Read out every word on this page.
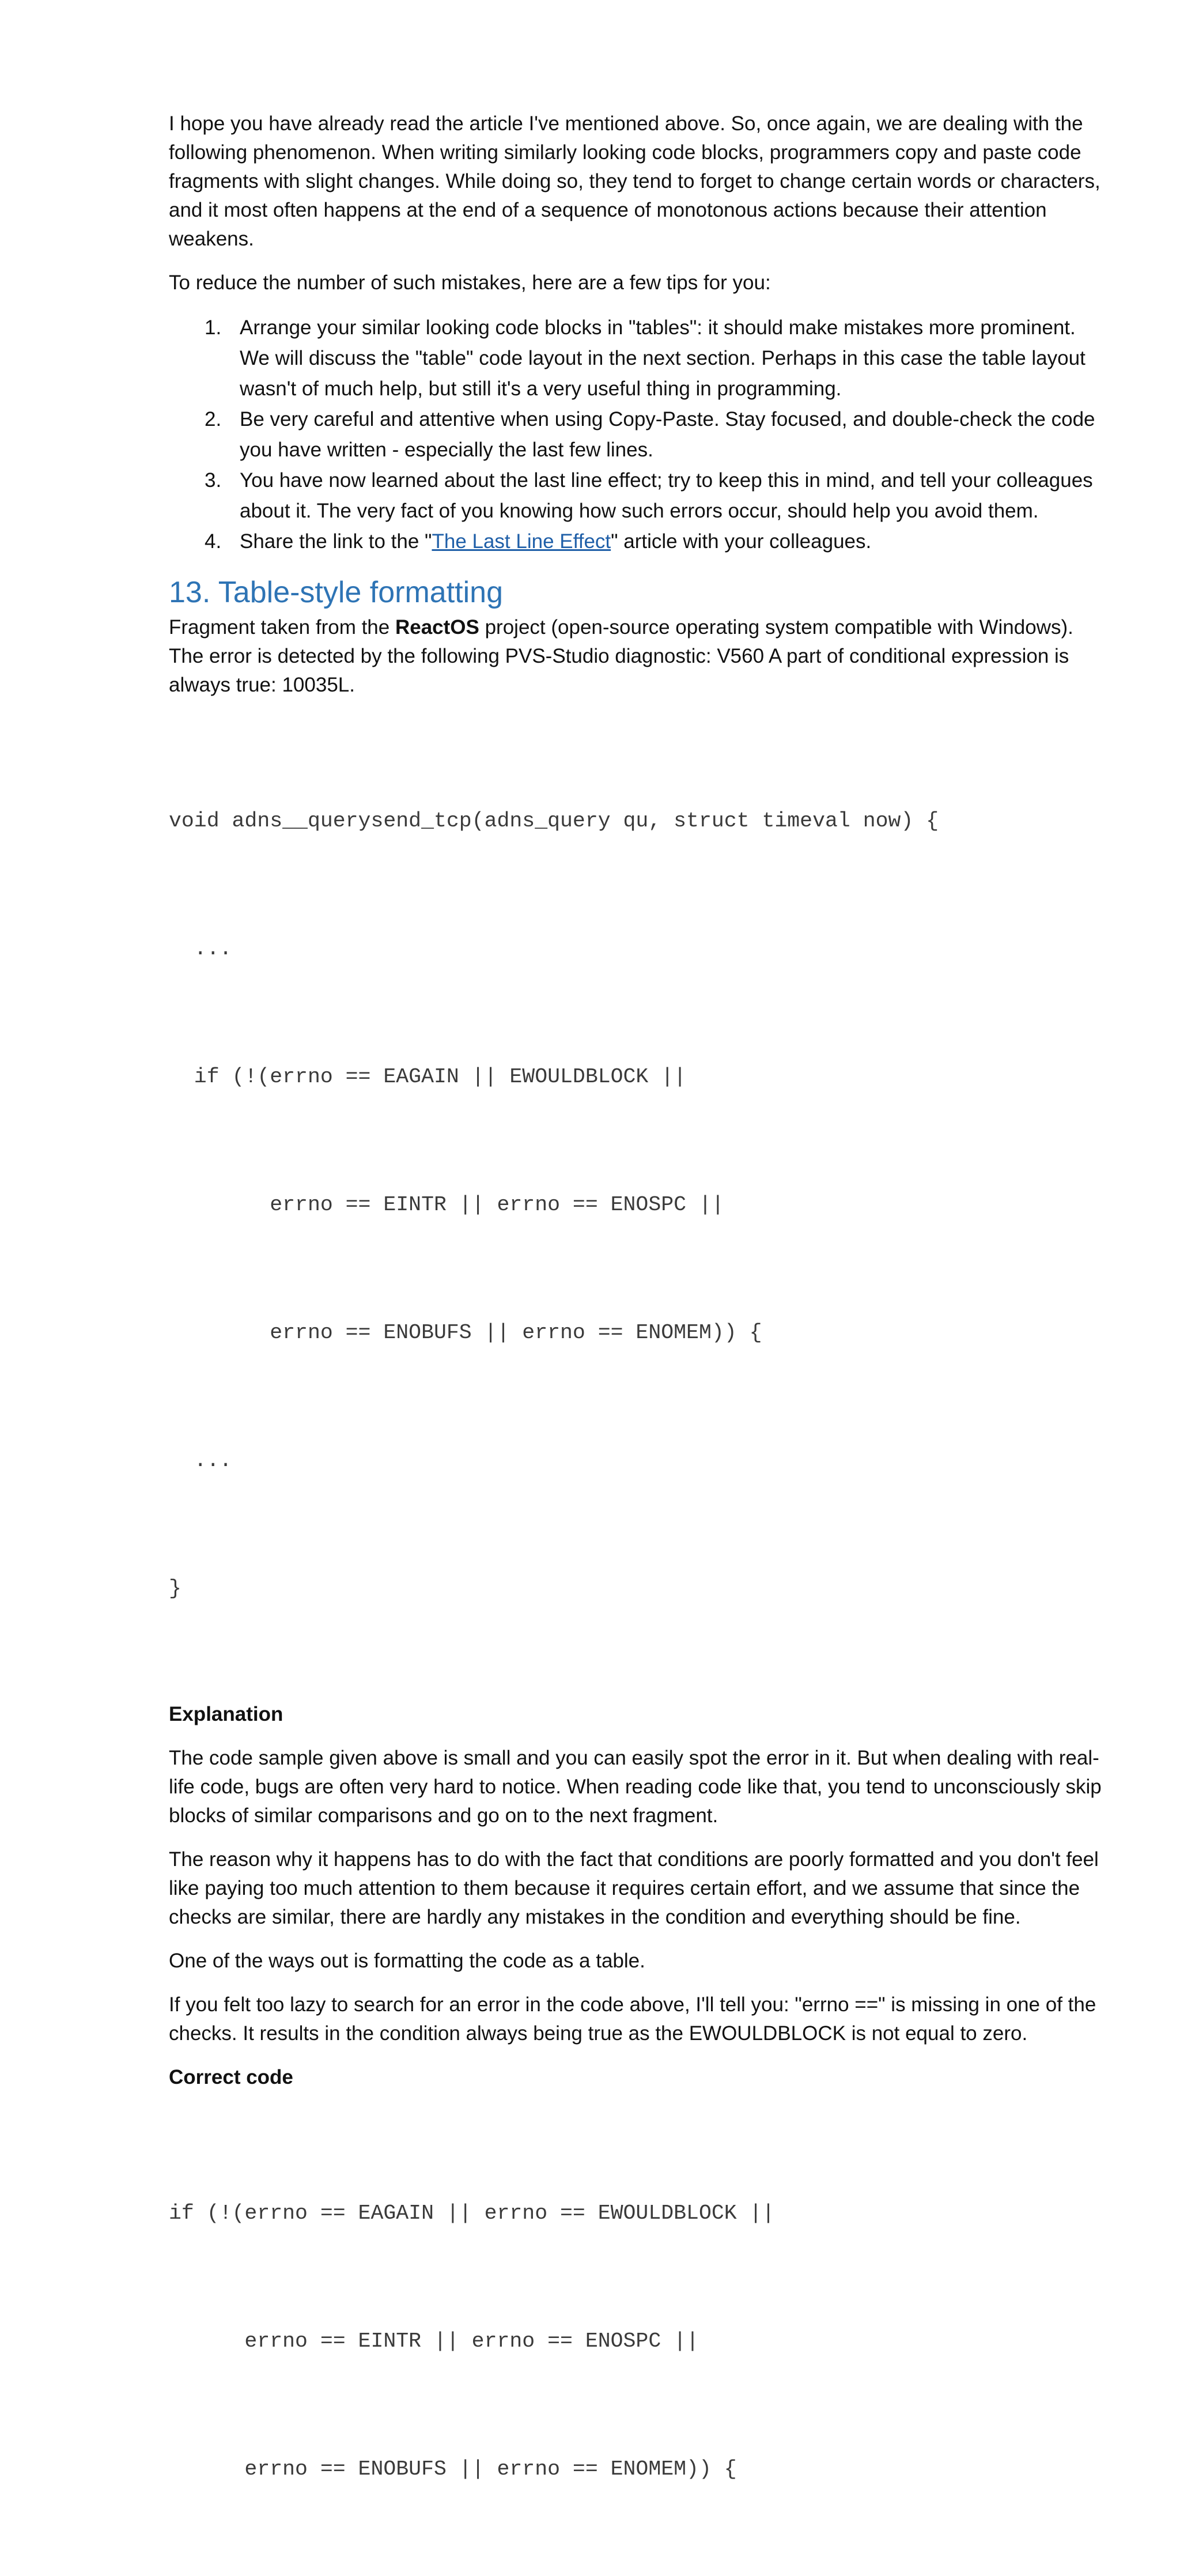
I hope you have already read the article I've mentioned above. So, once again, we are dealing with the following phenomenon. When writing similarly looking code blocks, programmers copy and paste code fragments with slight changes. While doing so, they tend to forget to change certain words or characters, and it most often happens at the end of a sequence of monotonous actions because their attention weakens.

To reduce the number of such mistakes, here are a few tips for you:

1. Arrange your similar looking code blocks in "tables": it should make mistakes more prominent. We will discuss the "table" code layout in the next section. Perhaps in this case the table layout wasn't of much help, but still it's a very useful thing in programming.
2. Be very careful and attentive when using Copy-Paste. Stay focused, and double-check the code you have written - especially the last few lines.
3. You have now learned about the last line effect; try to keep this in mind, and tell your colleagues about it. The very fact of you knowing how such errors occur, should help you avoid them.
4. Share the link to the "The Last Line Effect" article with your colleagues.
13. Table-style formatting

Fragment taken from the ReactOS project (open-source operating system compatible with Windows). The error is detected by the following PVS-Studio diagnostic: V560 A part of conditional expression is always true: 10035L.

void adns__querysend_tcp(adns_query qu, struct timeval now) {

...

if (!(errno == EAGAIN || EWOULDBLOCK ||

errno == EINTR || errno == ENOSPC ||

errno == ENOBUFS || errno == ENOMEM)) {

...

}

Explanation

The code sample given above is small and you can easily spot the error in it. But when dealing with real-life code, bugs are often very hard to notice. When reading code like that, you tend to unconsciously skip blocks of similar comparisons and go on to the next fragment.

The reason why it happens has to do with the fact that conditions are poorly formatted and you don't feel like paying too much attention to them because it requires certain effort, and we assume that since the checks are similar, there are hardly any mistakes in the condition and everything should be fine.

One of the ways out is formatting the code as a table.

If you felt too lazy to search for an error in the code above, I'll tell you: "errno ==" is missing in one of the checks. It results in the condition always being true as the EWOULDBLOCK is not equal to zero.

Correct code

if (!(errno == EAGAIN || errno == EWOULDBLOCK ||

errno == EINTR || errno == ENOSPC ||

errno == ENOBUFS || errno == ENOMEM)) {
